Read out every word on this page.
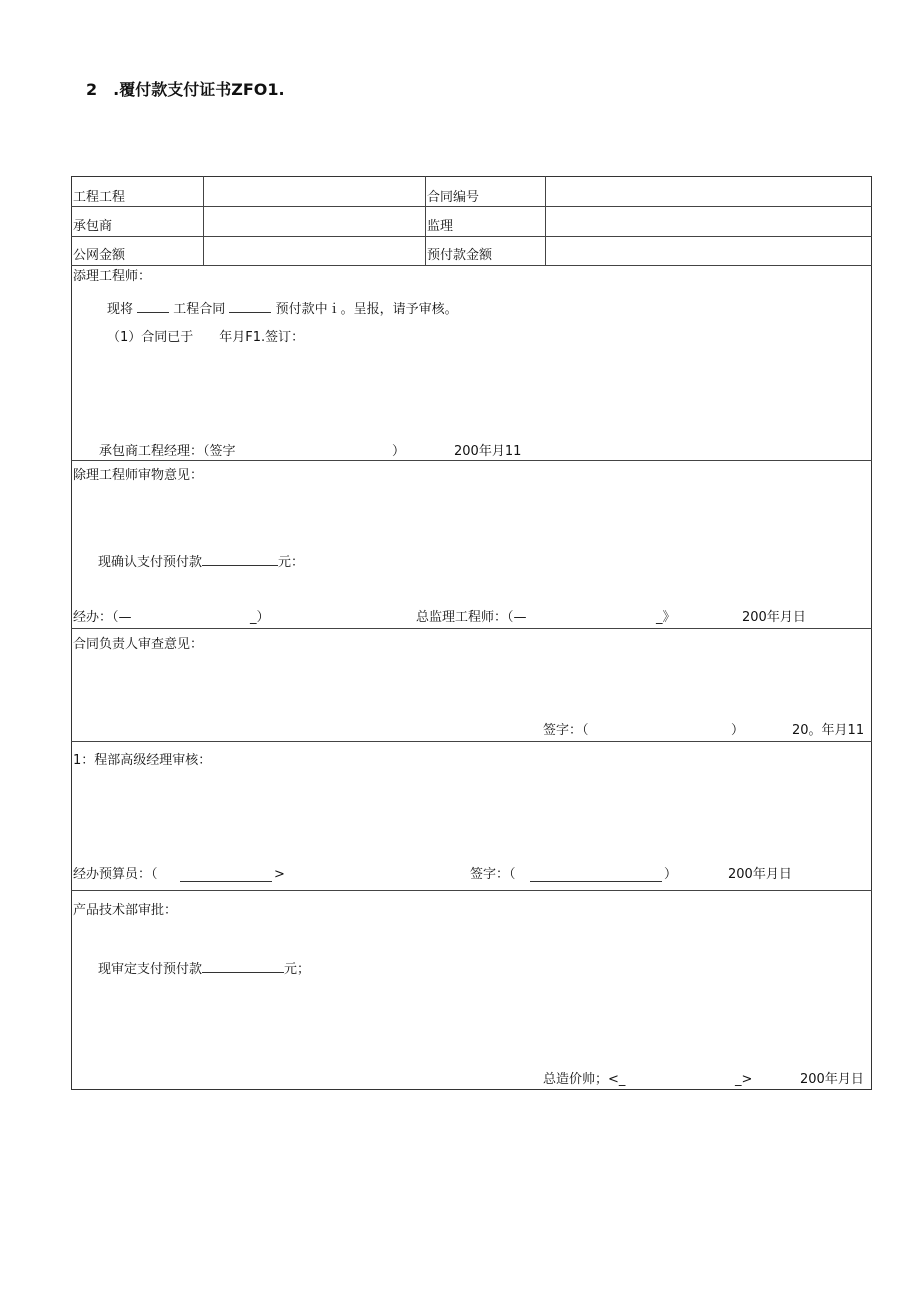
2　.覆付款支付证书ZFO1.
工程工程	合同编号
承包商	监理
公网金额	预付款金额
添理工程师：
现将	工程合同	预付款中ｉ。呈报，请予审核。
（1）合同已于　　年月F1.签订：
承包商工程经理：（签字	）	200年月11
除理工程师审物意见：
现确认支付预付款	元：
经办：（—	_）	总监理工程师：（—	_》	200年月日
合同负责人审查意见：
签字：（	）	20。年月11
1：程部高级经理审核：
经办预算员：（	>	签字：（	）	200年月日
产品技术部审批：
现审定支付预付款	元；
总造价帅；<_	_>	200年月日
